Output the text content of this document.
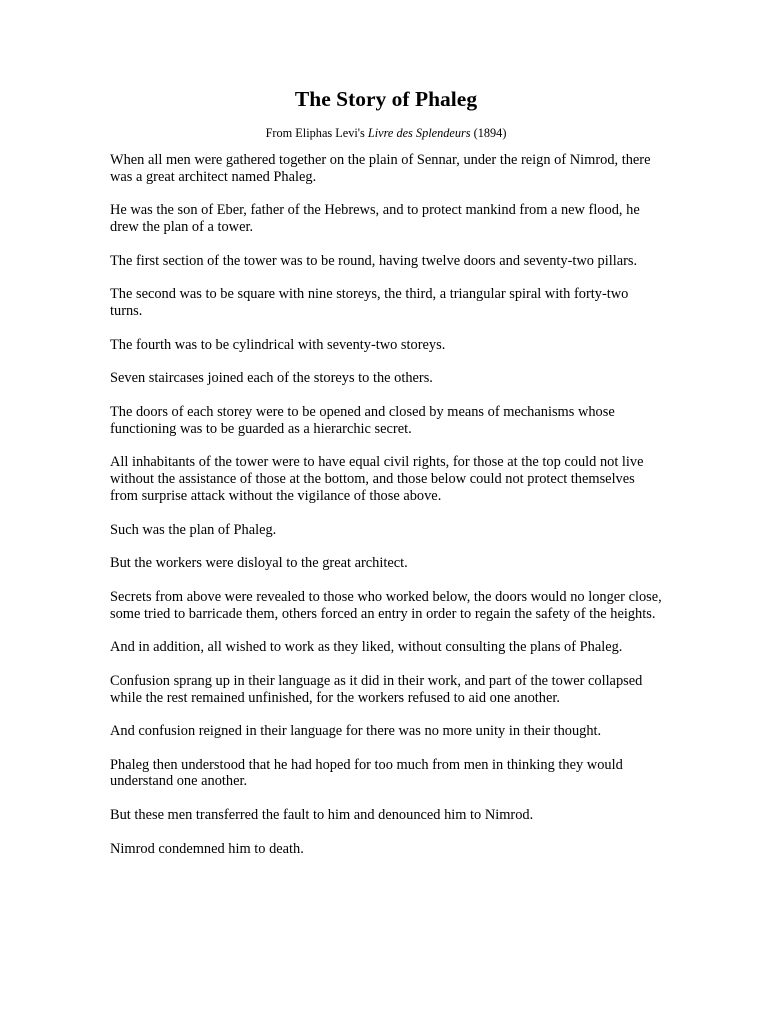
The Story of Phaleg

From Eliphas Levi's Livre des Splendeurs (1894)

When all men were gathered together on the plain of Sennar, under the reign of Nimrod, there was a great architect named Phaleg.

He was the son of Eber, father of the Hebrews, and to protect mankind from a new flood, he drew the plan of a tower.

The first section of the tower was to be round, having twelve doors and seventy-two pillars.

The second was to be square with nine storeys, the third, a triangular spiral with forty-two turns.

The fourth was to be cylindrical with seventy-two storeys.

Seven staircases joined each of the storeys to the others.

The doors of each storey were to be opened and closed by means of mechanisms whose functioning was to be guarded as a hierarchic secret.

All inhabitants of the tower were to have equal civil rights, for those at the top could not live without the assistance of those at the bottom, and those below could not protect themselves from surprise attack without the vigilance of those above.

Such was the plan of Phaleg.

But the workers were disloyal to the great architect.

Secrets from above were revealed to those who worked below, the doors would no longer close, some tried to barricade them, others forced an entry in order to regain the safety of the heights.

And in addition, all wished to work as they liked, without consulting the plans of Phaleg.

Confusion sprang up in their language as it did in their work, and part of the tower collapsed while the rest remained unfinished, for the workers refused to aid one another.

And confusion reigned in their language for there was no more unity in their thought.

Phaleg then understood that he had hoped for too much from men in thinking they would understand one another.

But these men transferred the fault to him and denounced him to Nimrod.

Nimrod condemned him to death.
